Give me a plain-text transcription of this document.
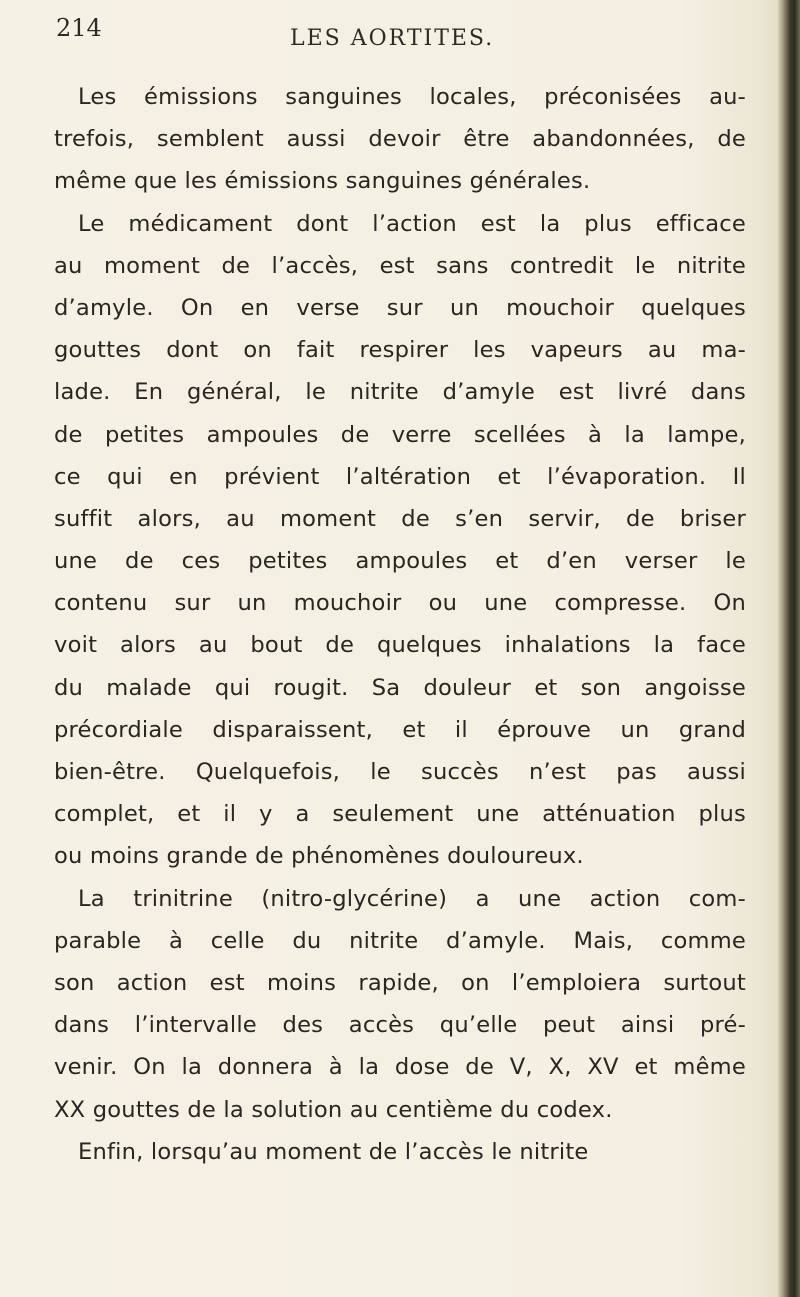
214	LES AORTITES.
Les émissions sanguines locales, préconisées au-
trefois, semblent aussi devoir être abandonnées, de
même que les émissions sanguines générales.
Le médicament dont l’action est la plus efficace
au moment de l’accès, est sans contredit le nitrite
d’amyle. On en verse sur un mouchoir quelques
gouttes dont on fait respirer les vapeurs au ma-
lade. En général, le nitrite d’amyle est livré dans
de petites ampoules de verre scellées à la lampe,
ce qui en prévient l’altération et l’évaporation. Il
suffit alors, au moment de s’en servir, de briser
une de ces petites ampoules et d’en verser le
contenu sur un mouchoir ou une compresse. On
voit alors au bout de quelques inhalations la face
du malade qui rougit. Sa douleur et son angoisse
précordiale disparaissent, et il éprouve un grand
bien-être. Quelquefois, le succès n’est pas aussi
complet, et il y a seulement une atténuation plus
ou moins grande de phénomènes douloureux.
La trinitrine (nitro-glycérine) a une action com-
parable à celle du nitrite d’amyle. Mais, comme
son action est moins rapide, on l’emploiera surtout
dans l’intervalle des accès qu’elle peut ainsi pré-
venir. On la donnera à la dose de V, X, XV et même
XX gouttes de la solution au centième du codex.
Enfin, lorsqu’au moment de l’accès le nitrite
